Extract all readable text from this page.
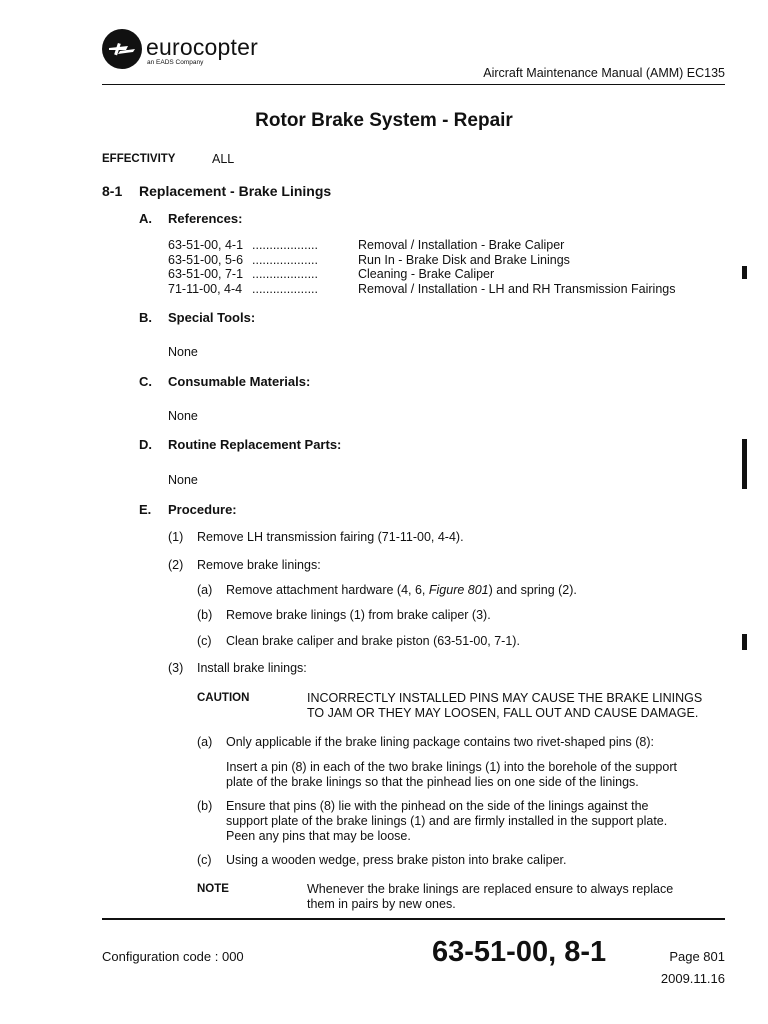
eurocopter
an EADS Company
Aircraft Maintenance Manual (AMM) EC135
Rotor Brake System - Repair
EFFECTIVITY	ALL
8-1 Replacement - Brake Linings
A. References:
63-51-00, 4-1 ...................	Removal / Installation - Brake Caliper
63-51-00, 5-6 ...................	Run In - Brake Disk and Brake Linings
63-51-00, 7-1 ...................	Cleaning - Brake Caliper
71-11-00, 4-4 ...................	Removal / Installation - LH and RH Transmission Fairings
B. Special Tools:
None
C. Consumable Materials:
None
D. Routine Replacement Parts:
None
E. Procedure:
(1) Remove LH transmission fairing (71-11-00, 4-4).
(2) Remove brake linings:
(a) Remove attachment hardware (4, 6, Figure 801) and spring (2).
(b) Remove brake linings (1) from brake caliper (3).
(c) Clean brake caliper and brake piston (63-51-00, 7-1).
(3) Install brake linings:
CAUTION	INCORRECTLY INSTALLED PINS MAY CAUSE THE BRAKE LININGS
TO JAM OR THEY MAY LOOSEN, FALL OUT AND CAUSE DAMAGE.
(a) Only applicable if the brake lining package contains two rivet-shaped pins (8):
Insert a pin (8) in each of the two brake linings (1) into the borehole of the support
plate of the brake linings so that the pinhead lies on one side of the linings.
(b) Ensure that pins (8) lie with the pinhead on the side of the linings against the
support plate of the brake linings (1) and are firmly installed in the support plate.
Peen any pins that may be loose.
(c) Using a wooden wedge, press brake piston into brake caliper.
NOTE	Whenever the brake linings are replaced ensure to always replace
them in pairs by new ones.
Configuration code : 000	63-51-00, 8-1	Page 801
2009.11.16
